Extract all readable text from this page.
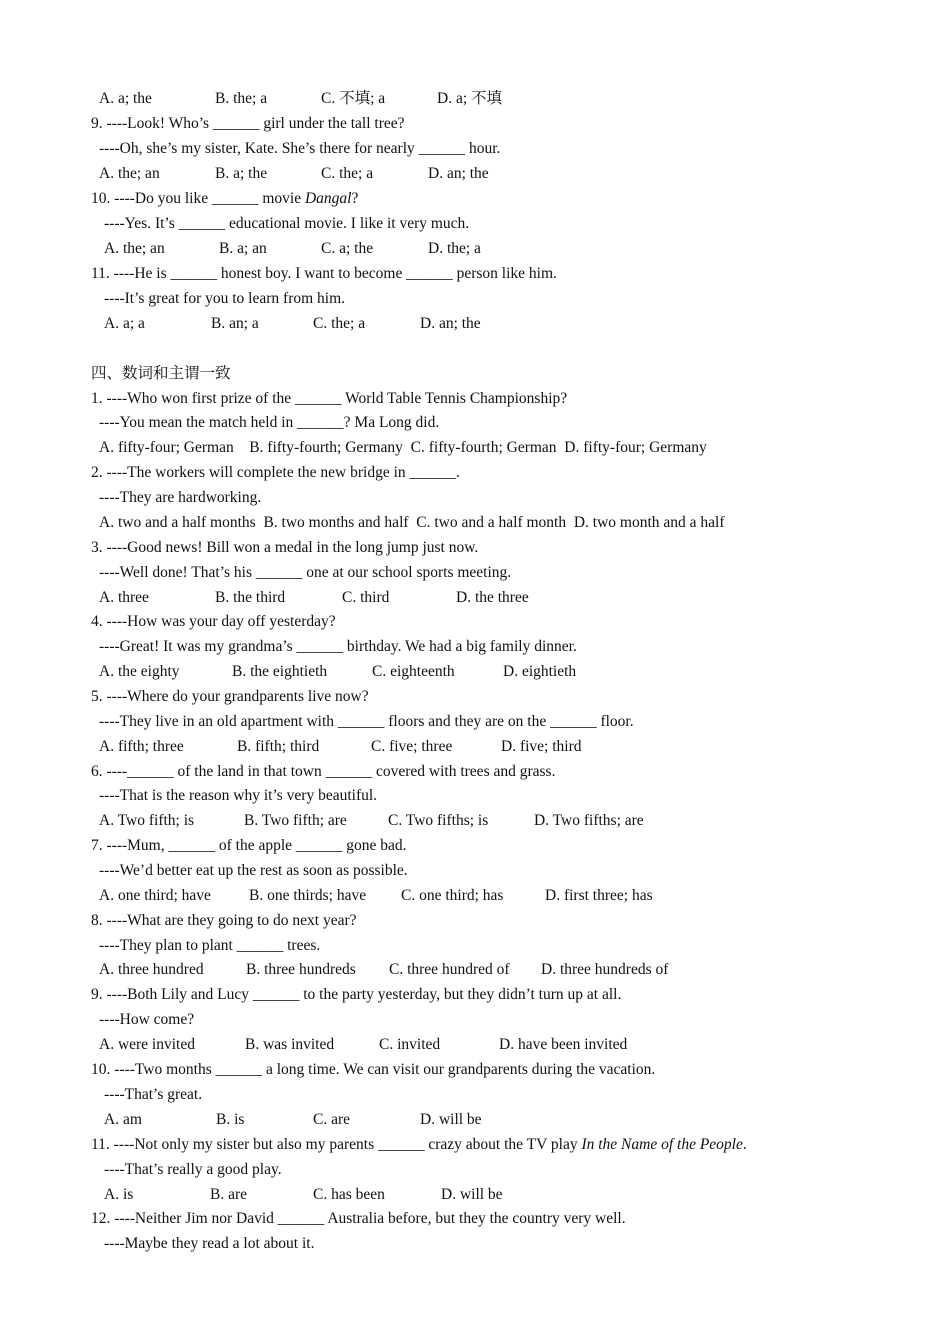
A. a; the	B. the; a	C. 不填; a	D. a; 不填
9. ----Look! Who’s ______ girl under the tall tree?
----Oh, she’s my sister, Kate. She’s there for nearly ______ hour.
A. the; an	B. a; the	C. the; a	D. an; the
10. ----Do you like ______ movie Dangal?
----Yes. It’s ______ educational movie. I like it very much.
A. the; an	B. a; an	C. a; the	D. the; a
11. ----He is ______ honest boy. I want to become ______ person like him.
----It’s great for you to learn from him.
A. a; a	B. an; a	C. the; a	D. an; the
四、数词和主谓一致
1. ----Who won first prize of the ______ World Table Tennis Championship?
----You mean the match held in ______? Ma Long did.
A. fifty-four; German    B. fifty-fourth; Germany  C. fifty-fourth; German  D. fifty-four; Germany
2. ----The workers will complete the new bridge in ______.
----They are hardworking.
A. two and a half months  B. two months and half  C. two and a half month  D. two month and a half
3. ----Good news! Bill won a medal in the long jump just now.
----Well done! That’s his ______ one at our school sports meeting.
A. three	B. the third	C. third	D. the three
4. ----How was your day off yesterday?
----Great! It was my grandma’s ______ birthday. We had a big family dinner.
A. the eighty	B. the eightieth	C. eighteenth	D. eightieth
5. ----Where do your grandparents live now?
----They live in an old apartment with ______ floors and they are on the ______ floor.
A. fifth; three	B. fifth; third	C. five; three	D. five; third
6. ----______ of the land in that town ______ covered with trees and grass.
----That is the reason why it’s very beautiful.
A. Two fifth; is	B. Two fifth; are	C. Two fifths; is	D. Two fifths; are
7. ----Mum, ______ of the apple ______ gone bad.
----We’d better eat up the rest as soon as possible.
A. one third; have B. one thirds; have C. one third; has	D. first three; has
8. ----What are they going to do next year?
----They plan to plant ______ trees.
A. three hundred	B. three hundreds C. three hundred of D. three hundreds of
9. ----Both Lily and Lucy ______ to the party yesterday, but they didn’t turn up at all.
----How come?
A. were invited	B. was invited	C. invited	D. have been invited
10. ----Two months ______ a long time. We can visit our grandparents during the vacation.
----That’s great.
A. am	B. is	C. are	D. will be
11. ----Not only my sister but also my parents ______ crazy about the TV play In the Name of the People.
----That’s really a good play.
A. is	B. are	C. has been	D. will be
12. ----Neither Jim nor David ______ Australia before, but they the country very well.
----Maybe they read a lot about it.
